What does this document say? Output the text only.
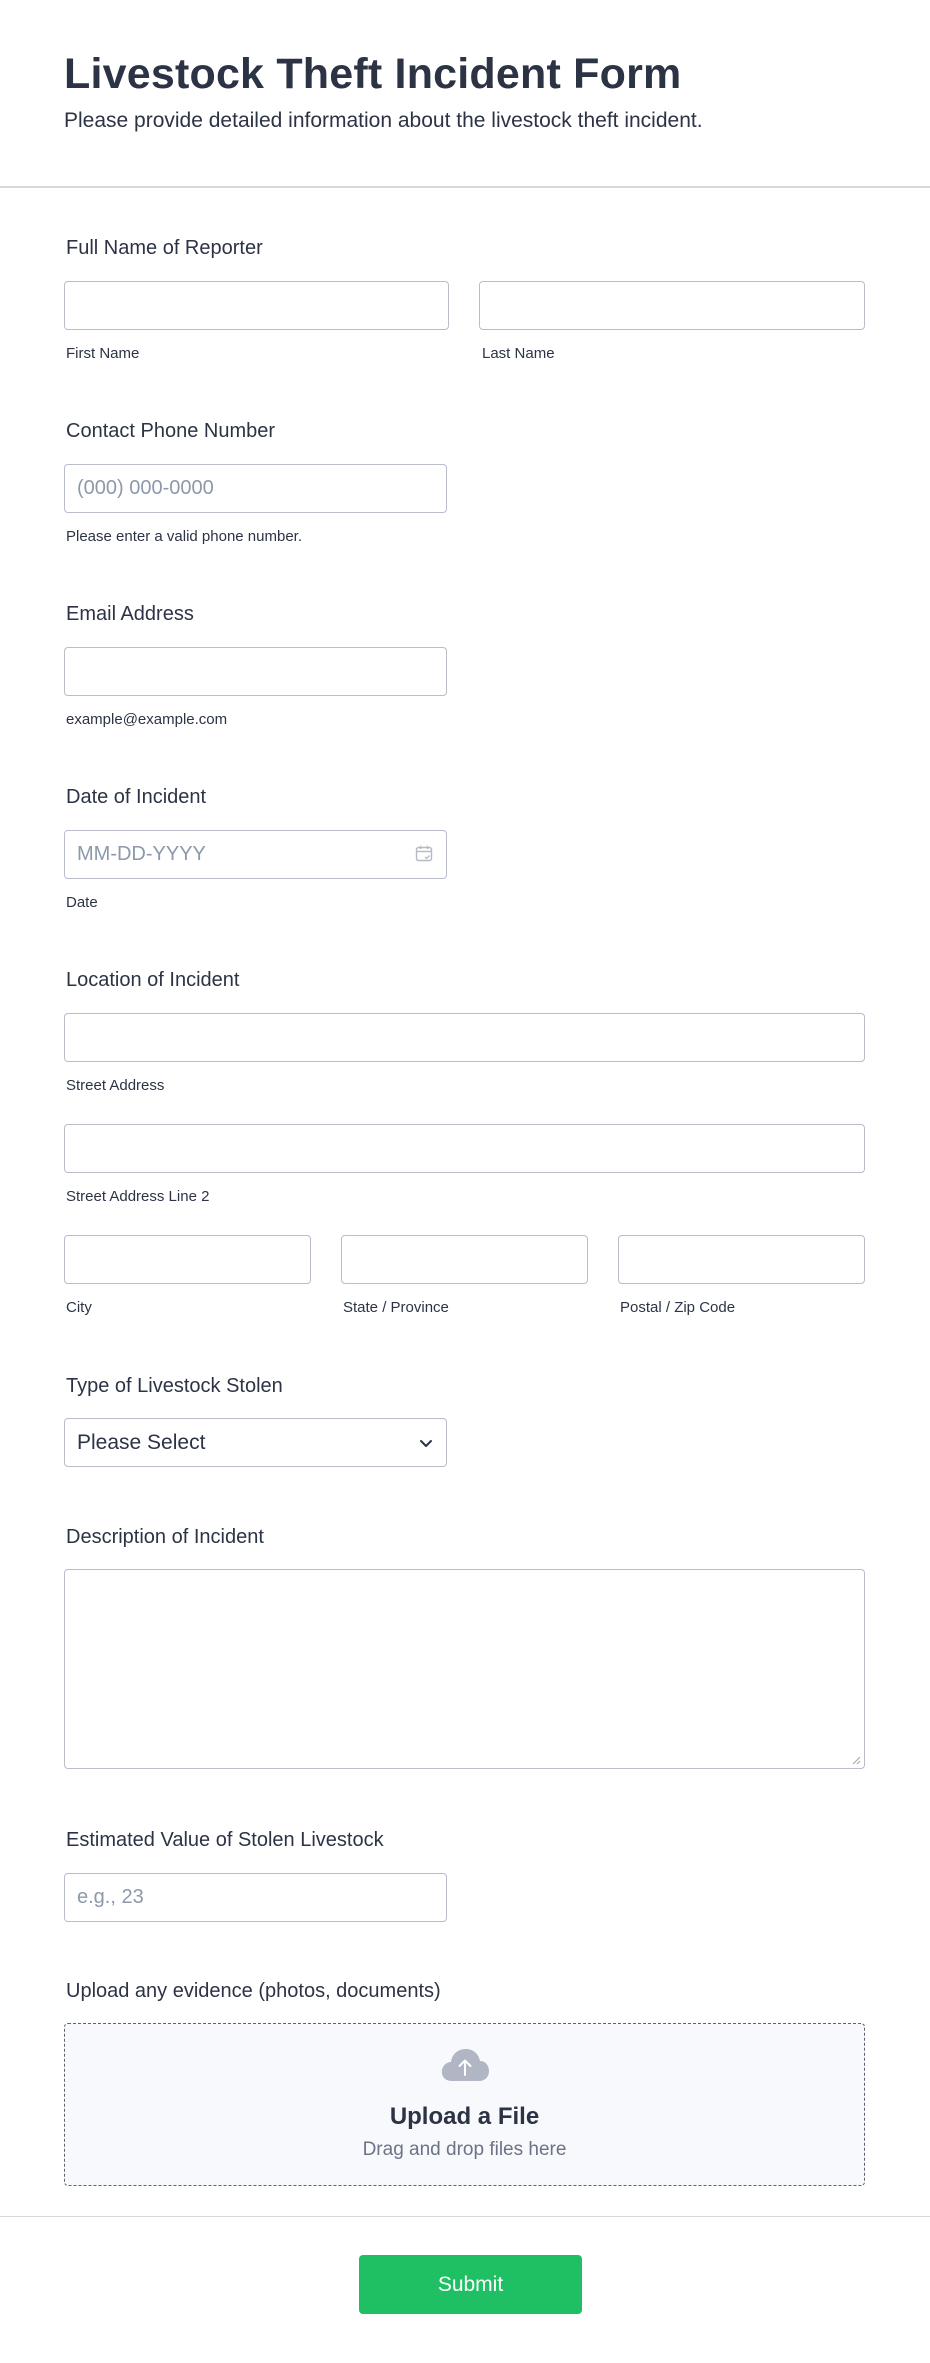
Livestock Theft Incident Form

Please provide detailed information about the livestock theft incident.

Full Name of Reporter
First Name	Last Name
Contact Phone Number
(000) 000-0000
Please enter a valid phone number.
Email Address
example@example.com
Date of Incident
MM-DD-YYYY
Date
Location of Incident
Street Address
Street Address Line 2
City	State / Province	Postal / Zip Code
Type of Livestock Stolen
Please Select
Description of Incident
Estimated Value of Stolen Livestock
e.g., 23
Upload any evidence (photos, documents)
Upload a File
Drag and drop files here
Submit
